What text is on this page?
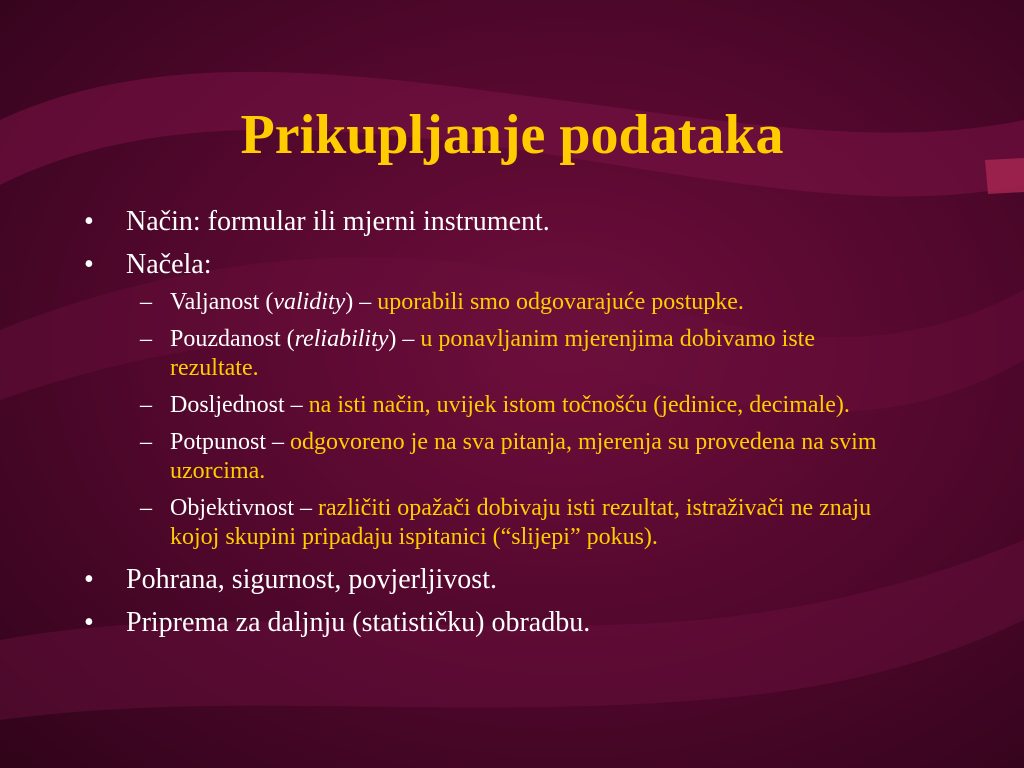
Prikupljanje podataka
• Način: formular ili mjerni instrument.
• Načela:
– Valjanost (validity) – uporabili smo odgovarajuće postupke.
– Pouzdanost (reliability) – u ponavljanim mjerenjima dobivamo iste rezultate.
– Dosljednost – na isti način, uvijek istom točnošću (jedinice, decimale).
– Potpunost – odgovoreno je na sva pitanja, mjerenja su provedena na svim uzorcima.
– Objektivnost – različiti opažači dobivaju isti rezultat, istraživači ne znaju kojoj skupini pripadaju ispitanici (“slijepi” pokus).
• Pohrana, sigurnost, povjerljivost.
• Priprema za daljnju (statističku) obradbu.
